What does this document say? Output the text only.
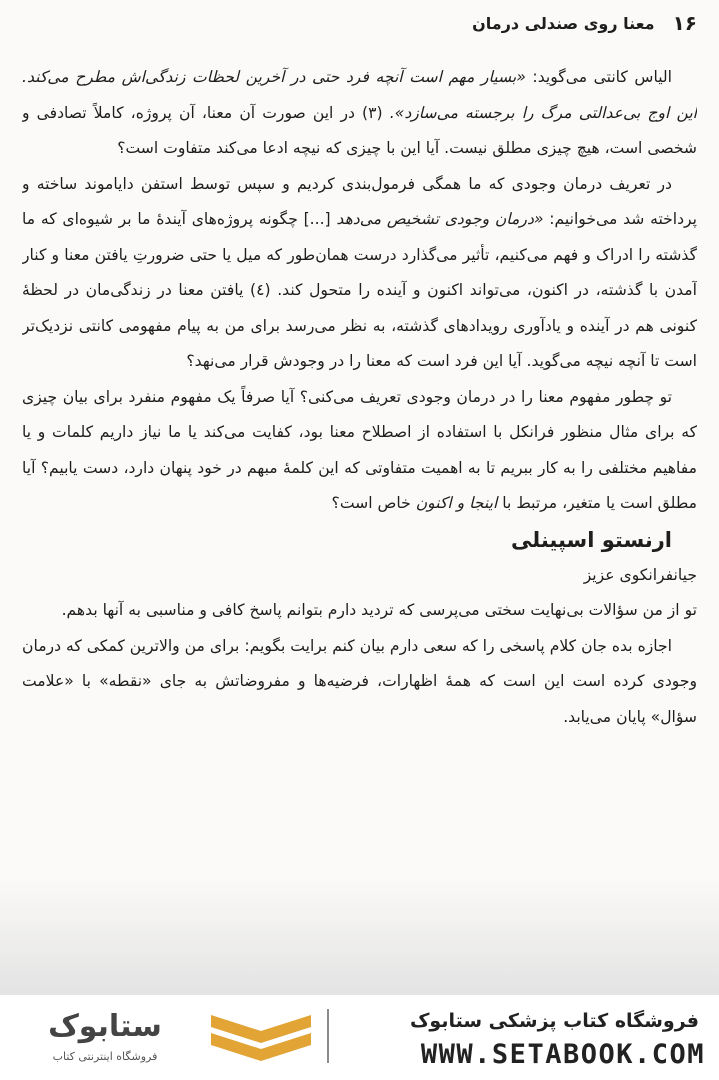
۱۶
معنا روی صندلی درمان

الیاس کانتی می‌گوید: «بسیار مهم است آنچه فرد حتی در آخرین لحظات زندگی‌اش مطرح می‌کند. این اوج بی‌عدالتی مرگ را برجسته می‌سازد». (۳) در این صورت آن معنا، آن پروژه، کاملاً تصادفی و شخصی است، هیچ چیزی مطلق نیست. آیا این با چیزی که نیچه ادعا می‌کند متفاوت است؟

در تعریف درمان وجودی که ما همگی فرمول‌بندی کردیم و سپس توسط استفن دایاموند ساخته و پرداخته شد می‌خوانیم: «درمان وجودی تشخیص می‌دهد [...] چگونه پروژه‌های آیندهٔ ما بر شیوه‌ای که ما گذشته را ادراک و فهم می‌کنیم، تأثیر می‌گذارد درست همان‌طور که میل یا حتی ضرورتِ یافتن معنا و کنار آمدن با گذشته، در اکنون، می‌تواند اکنون و آینده را متحول کند. (٤) یافتن معنا در زندگی‌مان در لحظهٔ کنونی هم در آینده و یادآوری رویدادهای گذشته، به نظر می‌رسد برای من به پیام مفهومی کانتی نزدیک‌تر است تا آنچه نیچه می‌گوید. آیا این فرد است که معنا را در وجودش قرار می‌نهد؟

تو چطور مفهوم معنا را در درمان وجودی تعریف می‌کنی؟ آیا صرفاً یک مفهوم منفرد برای بیان چیزی که برای مثال منظور فرانکل با استفاده از اصطلاح معنا بود، کفایت می‌کند یا ما نیاز داریم کلمات و یا مفاهیم مختلفی را به کار ببریم تا به اهمیت متفاوتی که این کلمهٔ مبهم در خود پنهان دارد، دست یابیم؟ آیا مطلق است یا متغیر، مرتبط با اینجا و اکنون خاص است؟

ارنستو اسپینلی

جیانفرانکوی عزیز

تو از من سؤالات بی‌نهایت سختی می‌پرسی که تردید دارم بتوانم پاسخ کافی و مناسبی به آنها بدهم.

اجازه بده جان کلام پاسخی را که سعی دارم بیان کنم برایت بگویم: برای من والاترین کمکی که درمان وجودی کرده است این است که همهٔ اظهارات، فرضیه‌ها و مفروضاتش به جای «نقطه» با «علامت سؤال» پایان می‌یابد.

فروشگاه کتاب پزشکی ستابوک
WWW.SETABOOK.COM
ستابوک
فروشگاه اینترنتی کتاب
